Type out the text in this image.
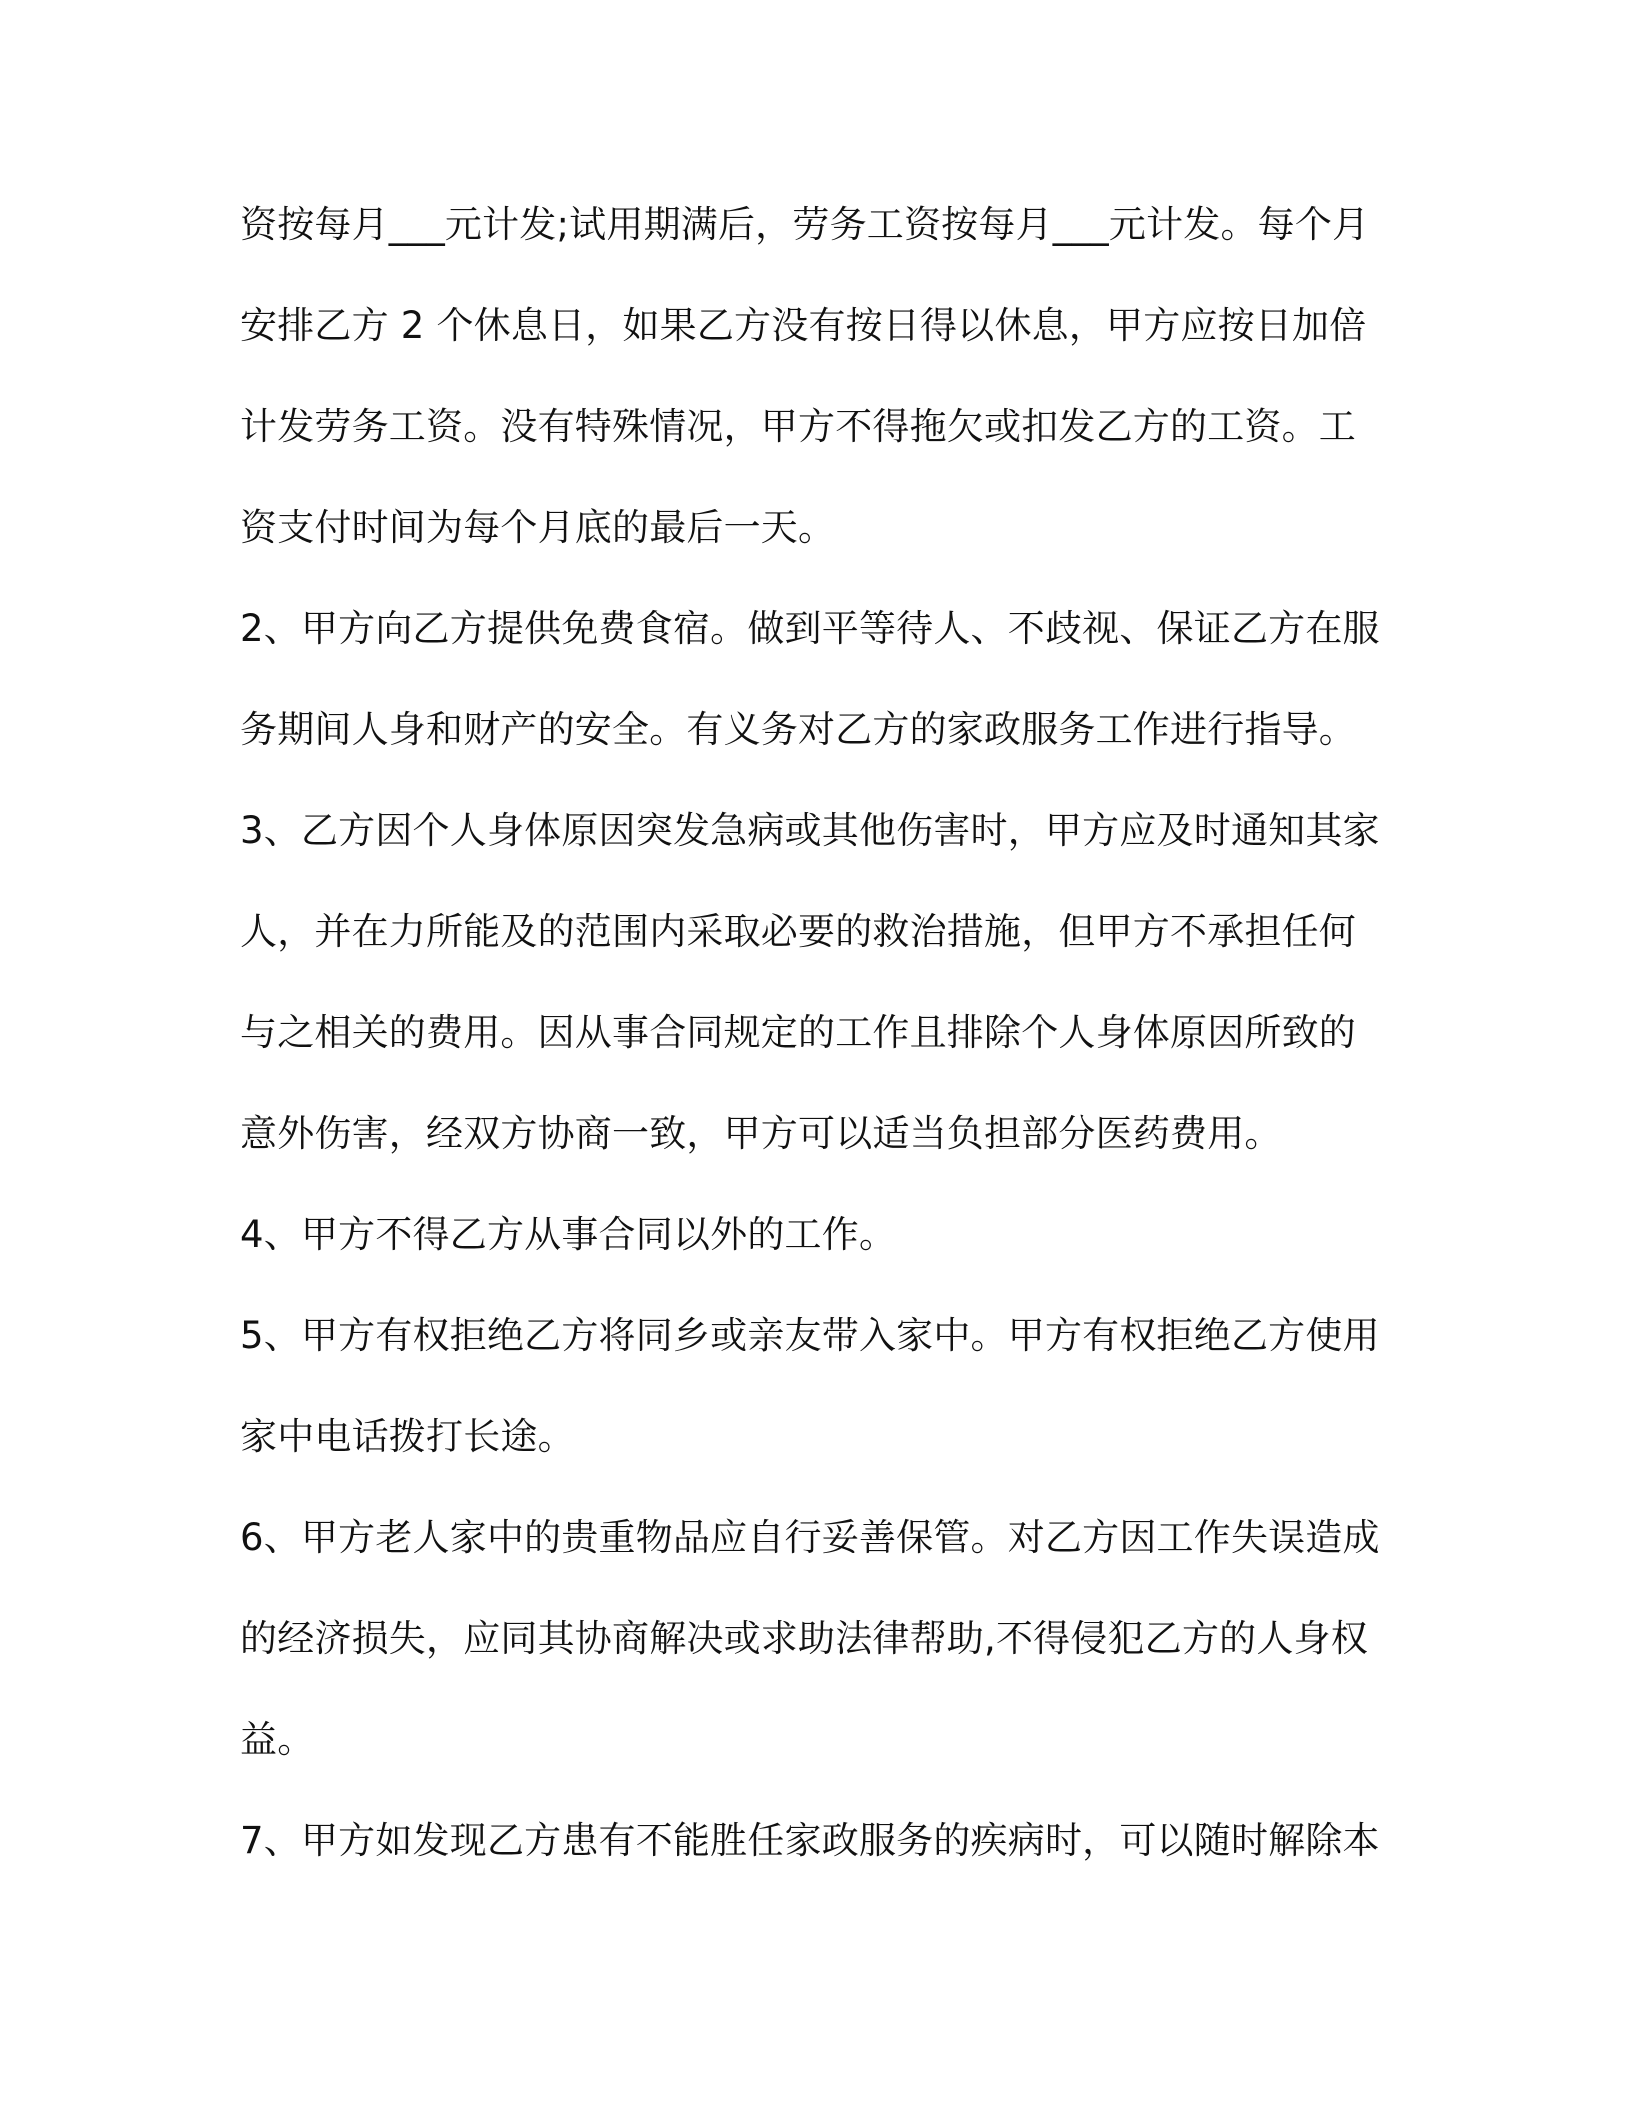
资按每月___元计发;试用期满后，劳务工资按每月___元计发。每个月
安排乙方 2 个休息日，如果乙方没有按日得以休息，甲方应按日加倍
计发劳务工资。没有特殊情况，甲方不得拖欠或扣发乙方的工资。工
资支付时间为每个月底的最后一天。
2、甲方向乙方提供免费食宿。做到平等待人、不歧视、保证乙方在服
务期间人身和财产的安全。有义务对乙方的家政服务工作进行指导。
3、乙方因个人身体原因突发急病或其他伤害时，甲方应及时通知其家
人，并在力所能及的范围内采取必要的救治措施，但甲方不承担任何
与之相关的费用。因从事合同规定的工作且排除个人身体原因所致的
意外伤害，经双方协商一致，甲方可以适当负担部分医药费用。
4、甲方不得乙方从事合同以外的工作。
5、甲方有权拒绝乙方将同乡或亲友带入家中。甲方有权拒绝乙方使用
家中电话拨打长途。
6、甲方老人家中的贵重物品应自行妥善保管。对乙方因工作失误造成
的经济损失，应同其协商解决或求助法律帮助,不得侵犯乙方的人身权
益。
7、甲方如发现乙方患有不能胜任家政服务的疾病时，可以随时解除本
